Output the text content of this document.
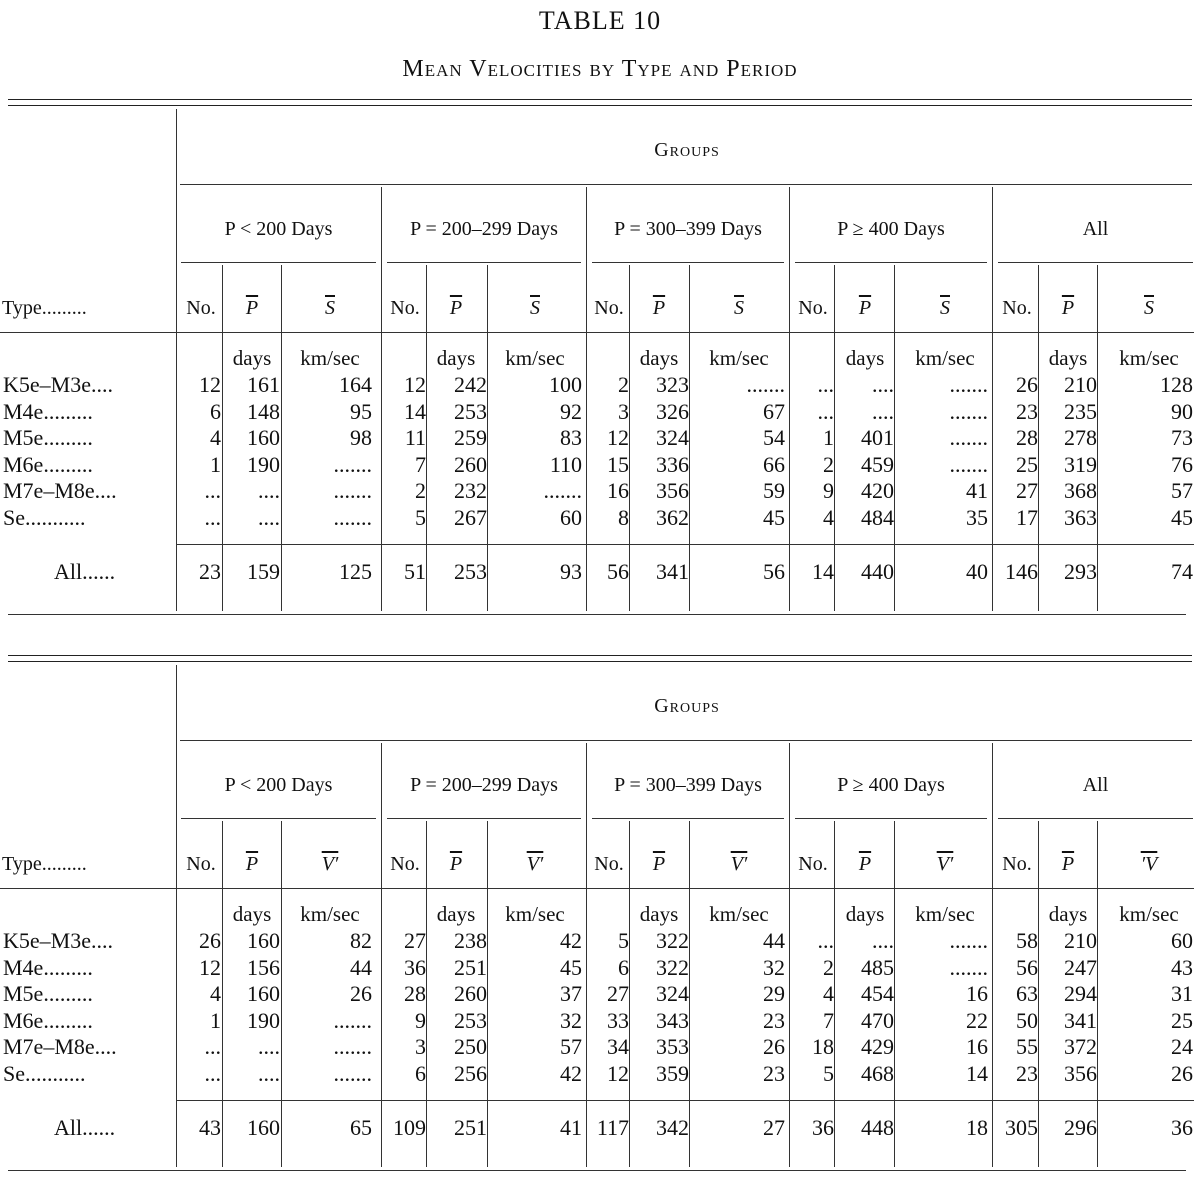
TABLE 10
Mean Velocities by Type and Period
Groups
P < 200 Days	P = 200–299 Days	P = 300–399 Days	P ≥ 400 Days	All
Type.........	No.	$\overline{P}$	$\overline{S}$	No.	$\overline{P}$	$\overline{S}$	No.	$\overline{P}$	$\overline{S}$	No.	$\overline{P}$	$\overline{S}$	No.	$\overline{P}$	$\overline{S}$
days	km/sec	days	km/sec	days	km/sec	days	km/sec	days	km/sec
K5e–M3e....	12	161	164	12	242	100	2	323	.......	...	....	.......	26	210	128
M4e.........	6	148	95	14	253	92	3	326	67	...	....	.......	23	235	90
M5e.........	4	160	98	11	259	83	12	324	54	1	401	.......	28	278	73
M6e.........	1	190	.......	7	260	110	15	336	66	2	459	.......	25	319	76
M7e–M8e....	...	....	.......	2	232	.......	16	356	59	9	420	41	27	368	57
Se...........	...	....	.......	5	267	60	8	362	45	4	484	35	17	363	45
All......	23	159	125	51	253	93	56	341	56	14	440	40 146	293	74
Groups
P < 200 Days	P = 200–299 Days	P = 300–399 Days	P ≥ 400 Days	All
Type.........	No.	$\overline{P}$	V′	No.	$\overline{P}$	V′	No.	$\overline{P}$	V′	No.	$\overline{P}$	V′	No.	$\overline{P}$	′V
days	km/sec	days	km/sec	days	km/sec	days	km/sec	days	km/sec
K5e–M3e....	26	160	82	27	238	42	5	322	44	...	....	.......	58	210	60
M4e.........	12	156	44	36	251	45	6	322	32	2	485	.......	56	247	43
M5e.........	4	160	26	28	260	37	27	324	29	4	454	16	63	294	31
M6e.........	1	190	.......	9	253	32	33	343	23	7	470	22	50	341	25
M7e–M8e....	...	....	.......	3	250	57	34	353	26	18	429	16	55	372	24
Se...........	...	....	.......	6	256	42	12	359	23	5	468	14	23	356	26
All......	43	160	65 109	251	41 117	342	27	36	448	18 305	296	36
